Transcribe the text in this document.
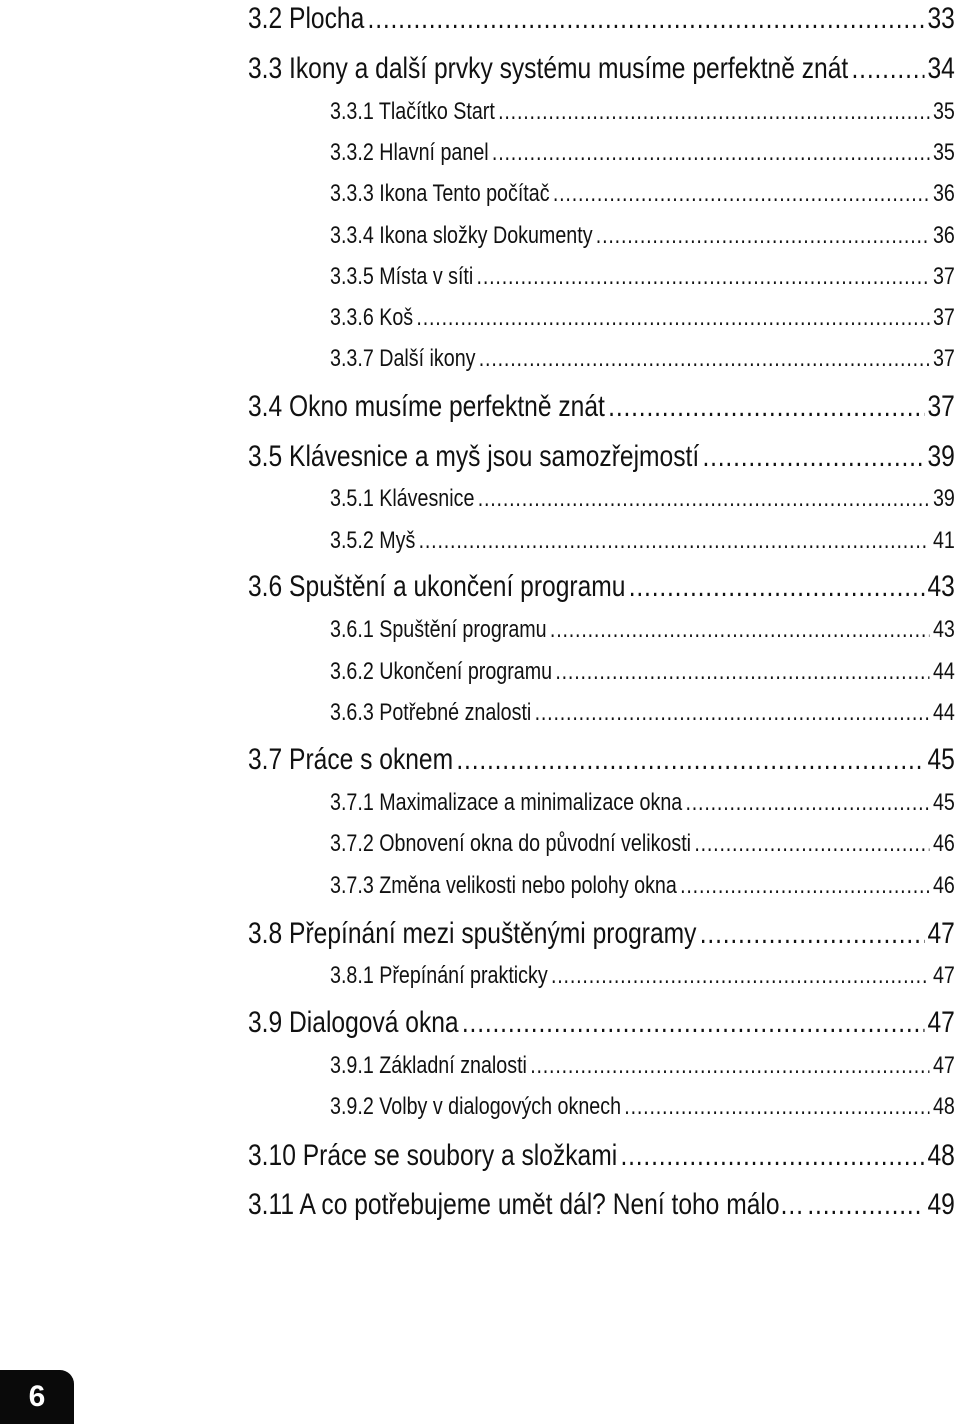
3.2 Plocha .....	33
3.3 Ikony a další prvky systému musíme perfektně znát .....	34
3.3.1 Tlačítko Start .....	35
3.3.2 Hlavní panel .....	35
3.3.3 Ikona Tento počítač .....	36
3.3.4 Ikona složky Dokumenty .....	36
3.3.5 Místa v síti .....	37
3.3.6 Koš .....	37
3.3.7 Další ikony .....	37
3.4 Okno musíme perfektně znát .....	37
3.5 Klávesnice a myš jsou samozřejmostí .....	39
3.5.1 Klávesnice .....	39
3.5.2 Myš .....	41
3.6 Spuštění a ukončení programu .....	43
3.6.1 Spuštění programu .....	43
3.6.2 Ukončení programu .....	44
3.6.3 Potřebné znalosti .....	44
3.7 Práce s oknem .....	45
3.7.1 Maximalizace a minimalizace okna .....	45
3.7.2 Obnovení okna do původní velikosti .....	46
3.7.3 Změna velikosti nebo polohy okna .....	46
3.8 Přepínání mezi spuštěnými programy .....	47
3.8.1 Přepínání prakticky .....	47
3.9 Dialogová okna .....	47
3.9.1 Základní znalosti .....	47
3.9.2 Volby v dialogových oknech .....	48
3.10 Práce se soubory a složkami .....	48
3.11 A co potřebujeme umět dál? Není toho málo… .....	49
6
